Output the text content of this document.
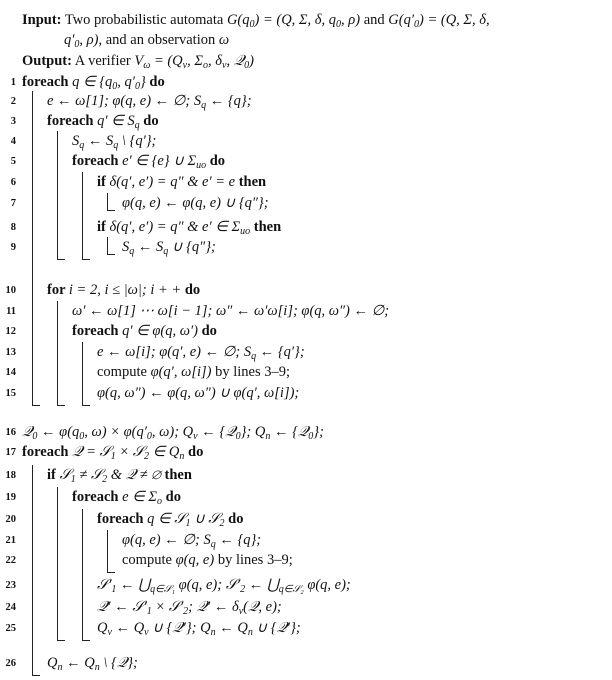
Input: Two probabilistic automata $G(q_0) = (Q$, Σ, δ, $q_0$, ρ) and $G(q'_0) = (Q$, Σ, δ,
$q'_0$, ρ), and an observation ω
Output: A verifier $V_\omega = (Q_v$, $\Sigma_o$, $\delta_v$, 𝒬$_0$)
1 foreach q ∈ {$q_0$, $q'_0$} do
2 e ← ω[1]; φ(q, e) ← ∅; $S_q$ ← {q};
3 foreach q′ ∈ $S_q$ do
4	$S_q$ ← $S_q$ \ {q′};
5	foreach e′ ∈ {e} ∪ $\Sigma_{uo}$ do
6	if δ(q′, e′) = q″ & e′ = e then
7	φ(q, e) ← φ(q, e) ∪ {q″};
8	if δ(q′, e′) = q″ & e′ ∈ $\Sigma_{uo}$ then
9	$S_q$ ← $S_q$ ∪ {q″};
10 for i = 2, i ≤ |ω|; i + + do
11	ω′ ← ω[1] ⋯ ω[i − 1]; ω″ ← ω′ω[i]; φ(q, ω″) ← ∅;
12	foreach q′ ∈ φ(q, ω′) do
13	e ← ω[i]; φ(q′, e) ← ∅; $S_q$ ← {q′};
14	compute φ(q′, ω[i]) by lines 3–9;
15	φ(q, ω″) ← φ(q, ω″) ∪ φ(q′, ω[i]);
16 𝒬$_0$ ← $\varphi(q_0$, $\omega) \times \varphi(q'_0$, ω); $Q_v$ ← {𝒬$_0$}; $Q_n$ ← {𝒬$_0$};
17 foreach 𝒬 = 𝒮$_1$ × 𝒮$_2$ ∈ $Q_n$ do
18 if 𝒮$_1$ ≠ 𝒮$_2$ & 𝒬 ≠ ∅ then
19	foreach e ∈ $\Sigma_o$ do
20	foreach q ∈ 𝒮$_1$ ∪ 𝒮$_2$ do
21	φ(q, e) ← ∅; $S_q$ ← {q};
22	compute φ(q, e) by lines 3–9;
23	$𝒮'_1$ ← $⋃_{q\in 𝒮_1}$ φ(q, e); $𝒮'_2$ ← $⋃_{q\in 𝒮_2}$ φ(q, e);
24	𝒬′ ← $𝒮'_1$ × $𝒮'_2$; 𝒬′ ← $\delta_v(𝒬$, e);
25	$Q_v$ ← $Q_v$ ∪ {𝒬′}; $Q_n$ ← $Q_n$ ∪ {𝒬′};
26 $Q_n$ ← $Q_n$ \ {𝒬};
